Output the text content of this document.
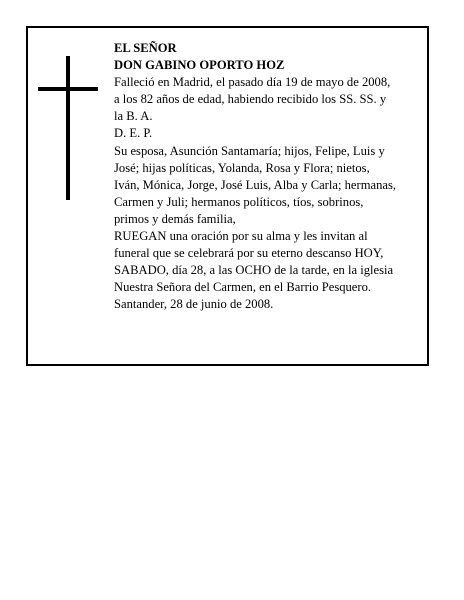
EL SEÑOR
DON GABINO OPORTO HOZ
Falleció en Madrid, el pasado día 19 de mayo de 2008,
a los 82 años de edad, habiendo recibido los SS. SS. y
la B. A.
D. E. P.
Su esposa, Asunción Santamaría; hijos, Felipe, Luis y
José; hijas políticas, Yolanda, Rosa y Flora; nietos,
Iván, Mónica, Jorge, José Luis, Alba y Carla; hermanas,
Carmen y Juli; hermanos políticos, tíos, sobrinos,
primos y demás familia,
RUEGAN una oración por su alma y les invitan al
funeral que se celebrará por su eterno descanso HOY,
SABADO, día 28, a las OCHO de la tarde, en la iglesia
Nuestra Señora del Carmen, en el Barrio Pesquero.
Santander, 28 de junio de 2008.
